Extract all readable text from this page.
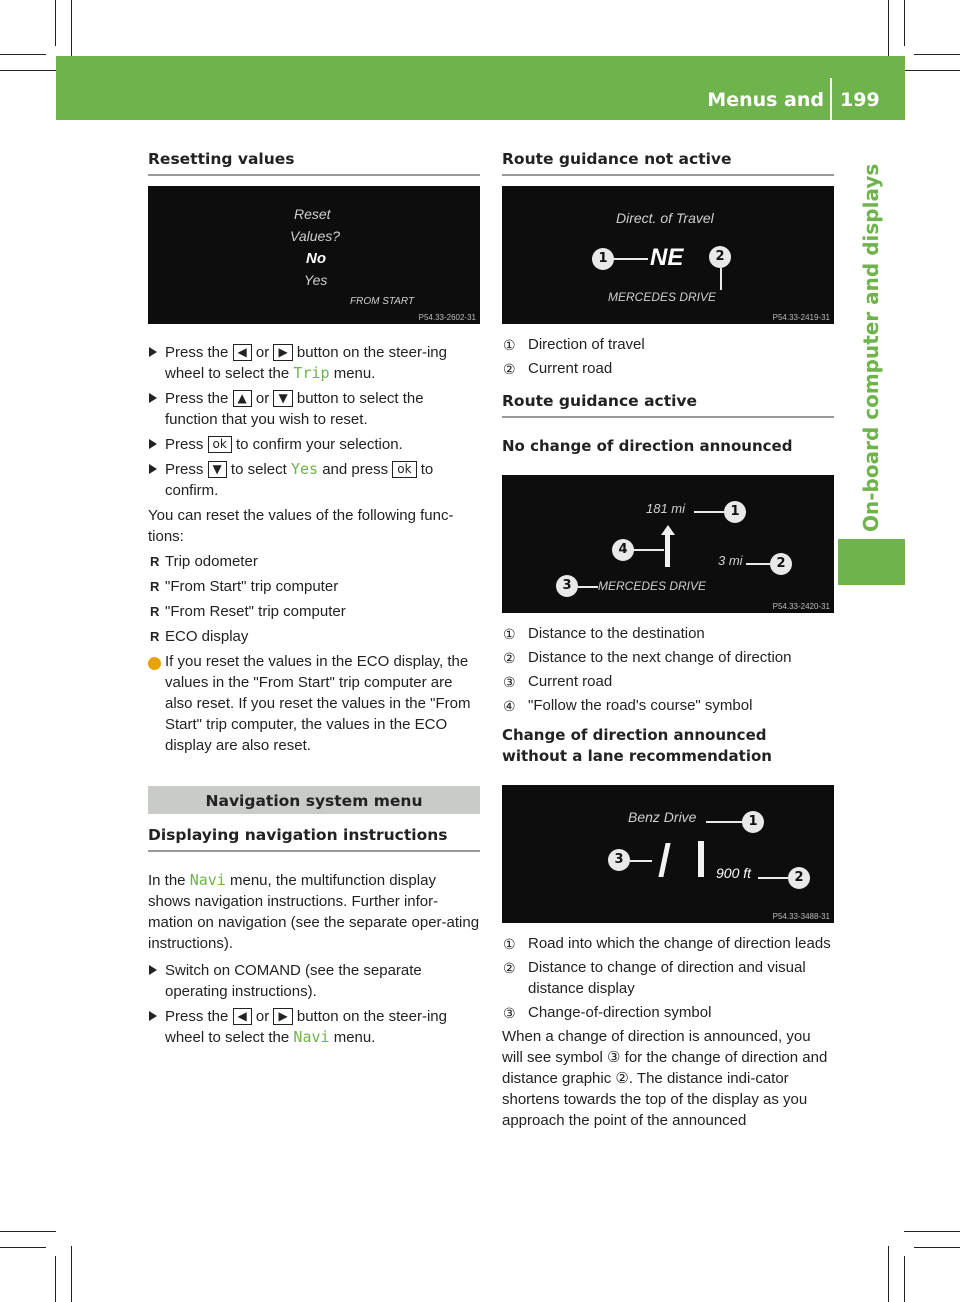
Menus and submenus
199
On-board computer and displays
Resetting values
Reset
Values?
No
Yes
FROM START
P54.33-2602-31
Press the ◀ or ▶ button on the steer-ing wheel to select the Trip menu.
Press the ▲ or ▼ button to select the function that you wish to reset.
Press ok to confirm your selection.
Press ▼ to select Yes and press ok to confirm.

You can reset the values of the following func-tions:

R Trip odometer
R "From Start" trip computer
R "From Reset" trip computer
R ECO display

i If you reset the values in the ECO display, the values in the "From Start" trip computer are also reset. If you reset the values in the "From Start" trip computer, the values in the ECO display are also reset.

Navigation system menu
Displaying navigation instructions

In the Navi menu, the multifunction display shows navigation instructions. Further infor-mation on navigation (see the separate oper-ating instructions).

Switch on COMAND (see the separate operating instructions).
Press the ◀ or ▶ button on the steer-ing wheel to select the Navi menu.
Route guidance not active
Direct. of Travel
NE
MERCEDES DRIVE
1	2
P54.33-2419-31
① Direction of travel
② Current road
Route guidance active
No change of direction announced
181 mi	1
4
3 mi	2
3	MERCEDES DRIVE
P54.33-2420-31
① Distance to the destination
② Distance to the next change of direction
③ Current road
④ "Follow the road's course" symbol
Change of direction announced without a lane recommendation
Benz Drive	1
3
900 ft	2
P54.33-3488-31
① Road into which the change of direction leads
② Distance to change of direction and visual distance display
③ Change-of-direction symbol

When a change of direction is announced, you will see symbol ③ for the change of direction and distance graphic ②. The distance indi-cator shortens towards the top of the display as you approach the point of the announced
